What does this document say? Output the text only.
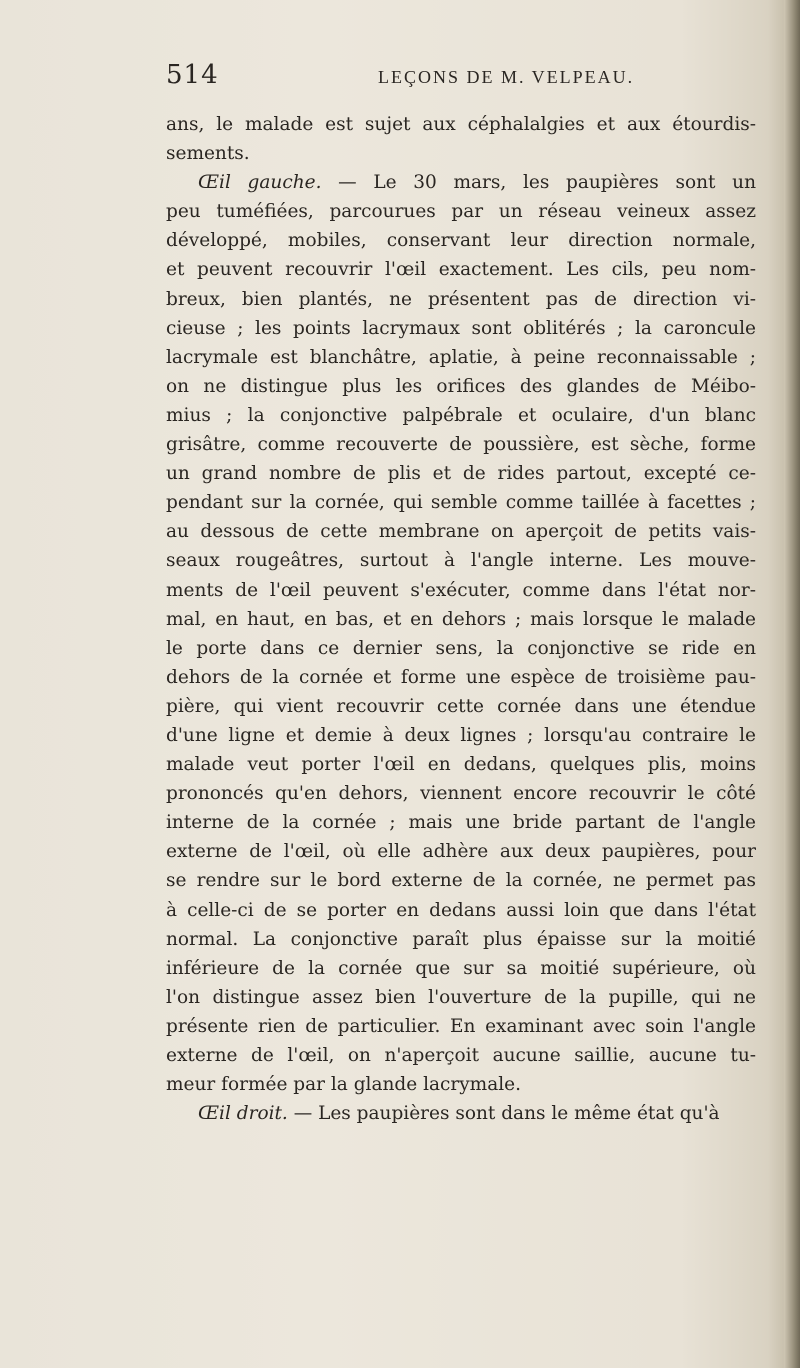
514	LEÇONS DE M. VELPEAU.
ans, le malade est sujet aux céphalalgies et aux étourdis-
sements.
Œil gauche. — Le 30 mars, les paupières sont un
peu tuméfiées, parcourues par un réseau veineux assez
développé, mobiles, conservant leur direction normale,
et peuvent recouvrir l'œil exactement. Les cils, peu nom-
breux, bien plantés, ne présentent pas de direction vi-
cieuse ; les points lacrymaux sont oblitérés ; la caroncule
lacrymale est blanchâtre, aplatie, à peine reconnaissable ;
on ne distingue plus les orifices des glandes de Méibo-
mius ; la conjonctive palpébrale et oculaire, d'un blanc
grisâtre, comme recouverte de poussière, est sèche, forme
un grand nombre de plis et de rides partout, excepté ce-
pendant sur la cornée, qui semble comme taillée à facettes ;
au dessous de cette membrane on aperçoit de petits vais-
seaux rougeâtres, surtout à l'angle interne. Les mouve-
ments de l'œil peuvent s'exécuter, comme dans l'état nor-
mal, en haut, en bas, et en dehors ; mais lorsque le malade
le porte dans ce dernier sens, la conjonctive se ride en
dehors de la cornée et forme une espèce de troisième pau-
pière, qui vient recouvrir cette cornée dans une étendue
d'une ligne et demie à deux lignes ; lorsqu'au contraire le
malade veut porter l'œil en dedans, quelques plis, moins
prononcés qu'en dehors, viennent encore recouvrir le côté
interne de la cornée ; mais une bride partant de l'angle
externe de l'œil, où elle adhère aux deux paupières, pour
se rendre sur le bord externe de la cornée, ne permet pas
à celle-ci de se porter en dedans aussi loin que dans l'état
normal. La conjonctive paraît plus épaisse sur la moitié
inférieure de la cornée que sur sa moitié supérieure, où
l'on distingue assez bien l'ouverture de la pupille, qui ne
présente rien de particulier. En examinant avec soin l'angle
externe de l'œil, on n'aperçoit aucune saillie, aucune tu-
meur formée par la glande lacrymale.
Œil droit. — Les paupières sont dans le même état qu'à
